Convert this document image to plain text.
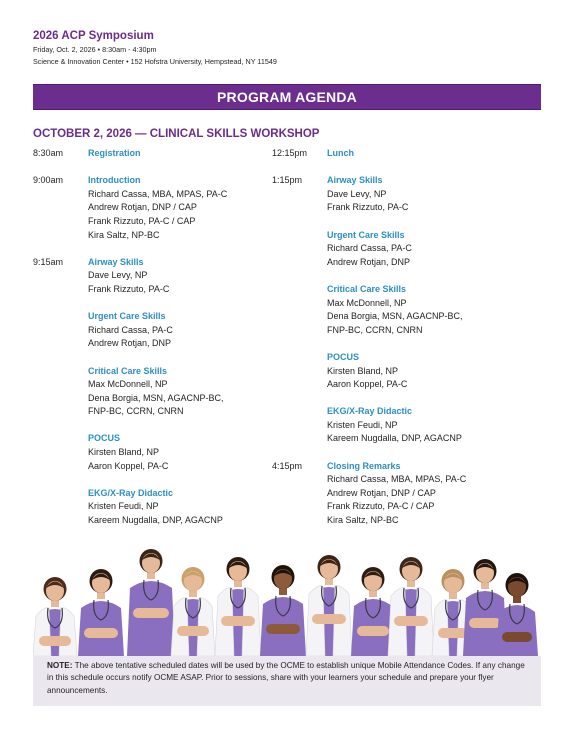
2026 ACP Symposium
Friday, Oct. 2, 2026 • 8:30am - 4:30pm
Science & Innovation Center • 152 Hofstra University, Hempstead, NY 11549
PROGRAM AGENDA
OCTOBER 2, 2026 — CLINICAL SKILLS WORKSHOP
8:30am	Registration
9:00am	Introduction
Richard Cassa, MBA, MPAS, PA-C
Andrew Rotjan, DNP / CAP
Frank Rizzuto, PA-C / CAP
Kira Saltz, NP-BC
9:15am	Airway Skills
Dave Levy, NP
Frank Rizzuto, PA-C
Urgent Care Skills
Richard Cassa, PA-C
Andrew Rotjan, DNP
Critical Care Skills
Max McDonnell, NP
Dena Borgia, MSN, AGACNP-BC,
FNP-BC, CCRN, CNRN
POCUS
Kirsten Bland, NP
Aaron Koppel, PA-C
EKG/X-Ray Didactic
Kristen Feudi, NP
Kareem Nugdalla, DNP, AGACNP
12:15pm	Lunch
1:15pm	Airway Skills
Dave Levy, NP
Frank Rizzuto, PA-C
Urgent Care Skills
Richard Cassa, PA-C
Andrew Rotjan, DNP
Critical Care Skills
Max McDonnell, NP
Dena Borgia, MSN, AGACNP-BC,
FNP-BC, CCRN, CNRN
POCUS
Kirsten Bland, NP
Aaron Koppel, PA-C
EKG/X-Ray Didactic
Kristen Feudi, NP
Kareem Nugdalla, DNP, AGACNP
4:15pm	Closing Remarks
Richard Cassa, MBA, MPAS, PA-C
Andrew Rotjan, DNP / CAP
Frank Rizzuto, PA-C / CAP
Kira Saltz, NP-BC
NOTE: The above tentative scheduled dates will be used by the OCME to establish unique Mobile Attendance Codes. If any change in this schedule occurs notify OCME ASAP. Prior to sessions, share with your learners your schedule and prepare your flyer announcements.
